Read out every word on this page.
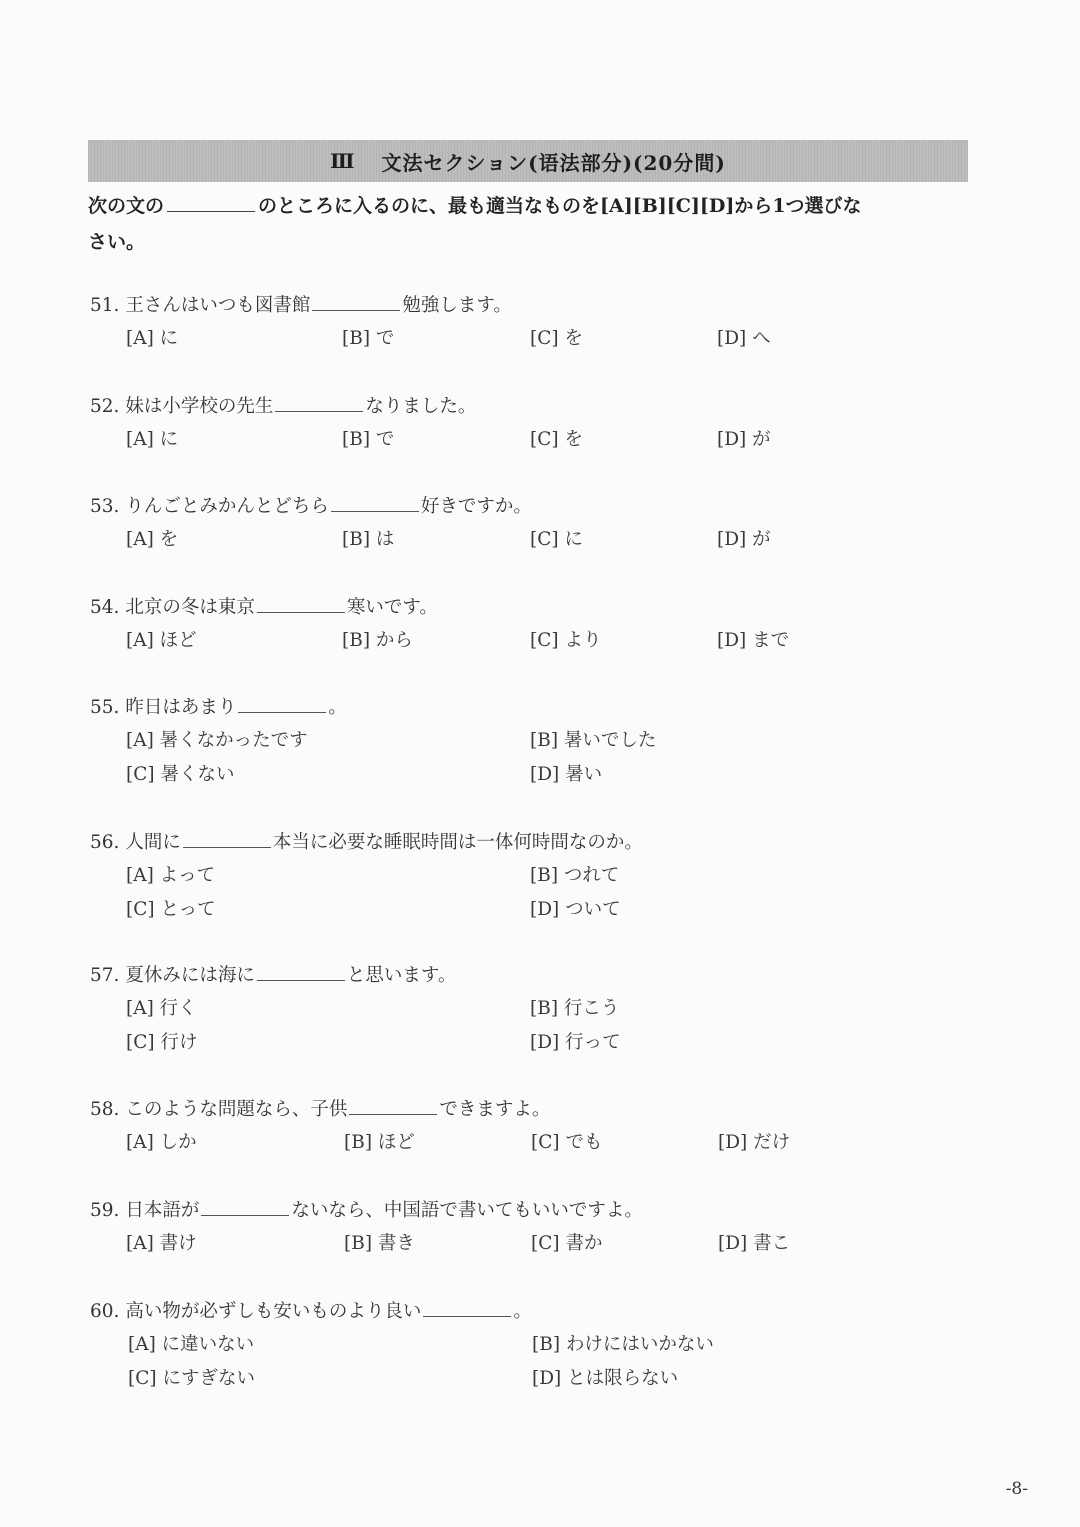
Ⅲ 文法セクション(语法部分)(20分間)
次の文の	のところに入るのに、最も適当なものを[A][B][C][D]から1つ選びな
さい。
51. 王さんはいつも図書館	勉強します。
[A] に	[B] で	[C] を	[D] へ
52. 妹は小学校の先生	なりました。
[A] に	[B] で	[C] を	[D] が
53. りんごとみかんとどちら	好きですか。
[A] を	[B] は	[C] に	[D] が
54. 北京の冬は東京	寒いです。
[A] ほど	[B] から	[C] より	[D] まで
55. 昨日はあまり	。
[A] 暑くなかったです	[B] 暑いでした
[C] 暑くない	[D] 暑い
56. 人間に	本当に必要な睡眠時間は一体何時間なのか。
[A] よって	[B] つれて
[C] とって	[D] ついて
57. 夏休みには海に	と思います。
[A] 行く	[B] 行こう
[C] 行け	[D] 行って
58. このような問題なら、子供	できますよ。
[A] しか	[B] ほど	[C] でも	[D] だけ
59. 日本語が	ないなら、中国語で書いてもいいですよ。
[A] 書け	[B] 書き	[C] 書か	[D] 書こ
60. 高い物が必ずしも安いものより良い	。
[A] に違いない	[B] わけにはいかない
[C] にすぎない	[D] とは限らない
-8-
